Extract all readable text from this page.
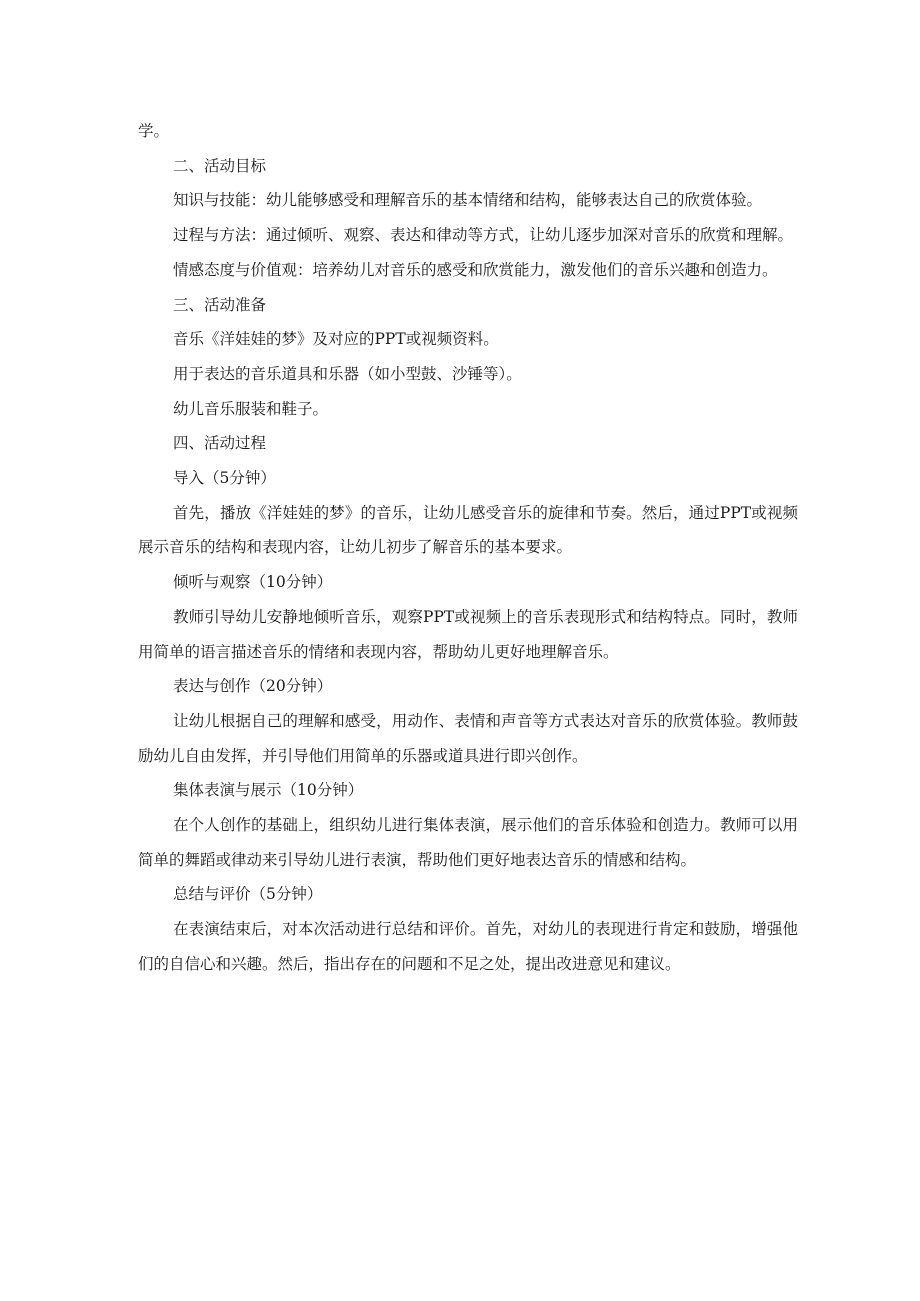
学。

二、活动目标

知识与技能：幼儿能够感受和理解音乐的基本情绪和结构，能够表达自己的欣赏体验。

过程与方法：通过倾听、观察、表达和律动等方式，让幼儿逐步加深对音乐的欣赏和理解。

情感态度与价值观：培养幼儿对音乐的感受和欣赏能力，激发他们的音乐兴趣和创造力。

三、活动准备

音乐《洋娃娃的梦》及对应的PPT或视频资料。

用于表达的音乐道具和乐器（如小型鼓、沙锤等）。

幼儿音乐服装和鞋子。

四、活动过程

导入（5分钟）

首先，播放《洋娃娃的梦》的音乐，让幼儿感受音乐的旋律和节奏。然后，通过PPT或视频展示音乐的结构和表现内容，让幼儿初步了解音乐的基本要求。

倾听与观察（10分钟）

教师引导幼儿安静地倾听音乐，观察PPT或视频上的音乐表现形式和结构特点。同时，教师用简单的语言描述音乐的情绪和表现内容，帮助幼儿更好地理解音乐。

表达与创作（20分钟）

让幼儿根据自己的理解和感受，用动作、表情和声音等方式表达对音乐的欣赏体验。教师鼓励幼儿自由发挥，并引导他们用简单的乐器或道具进行即兴创作。

集体表演与展示（10分钟）

在个人创作的基础上，组织幼儿进行集体表演，展示他们的音乐体验和创造力。教师可以用简单的舞蹈或律动来引导幼儿进行表演，帮助他们更好地表达音乐的情感和结构。

总结与评价（5分钟）

在表演结束后，对本次活动进行总结和评价。首先，对幼儿的表现进行肯定和鼓励，增强他们的自信心和兴趣。然后，指出存在的问题和不足之处，提出改进意见和建议。
